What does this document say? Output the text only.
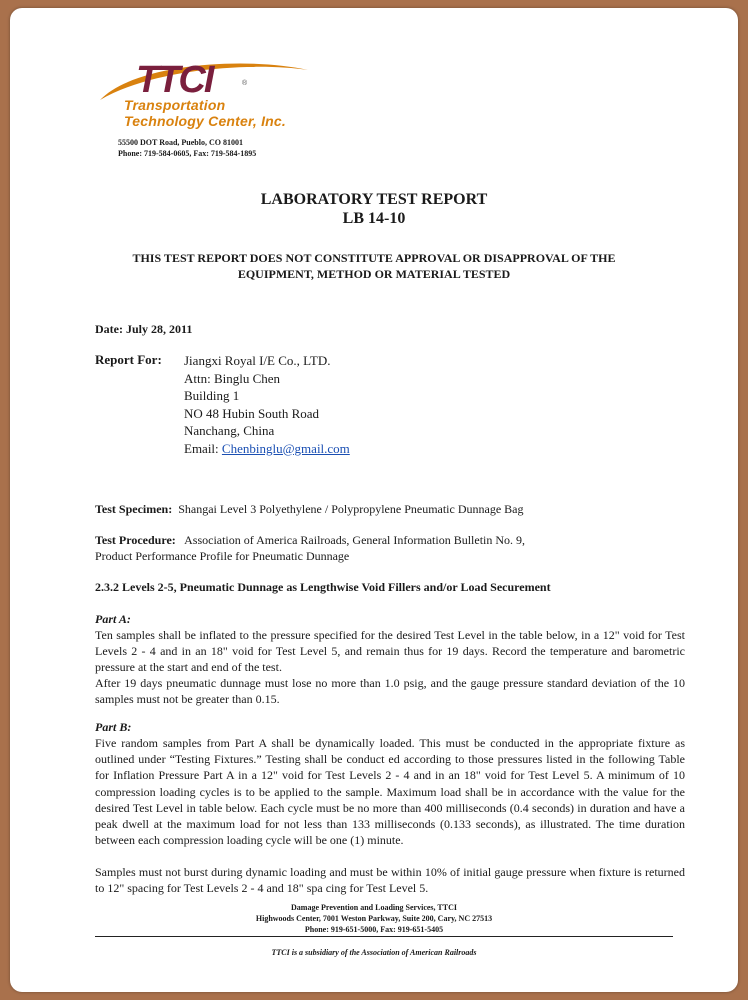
TTCI	®
Transportation
Technology Center, Inc.
55500 DOT Road, Pueblo, CO 81001
Phone: 719-584-0605, Fax: 719-584-1895
LABORATORY TEST REPORT
LB 14-10
THIS TEST REPORT DOES NOT CONSTITUTE APPROVAL OR DISAPPROVAL OF THE
EQUIPMENT, METHOD OR MATERIAL TESTED
Date: July 28, 2011
Report For:	Jiangxi Royal I/E Co., LTD.
Attn: Binglu Chen
Building 1
NO 48 Hubin South Road
Nanchang, China
Email: Chenbinglu@gmail.com
Test Specimen: Shangai Level 3 Polyethylene / Polypropylene Pneumatic Dunnage Bag
Test Procedure: Association of America Railroads, General Information Bulletin No. 9,
Product Performance Profile for Pneumatic Dunnage
2.3.2 Levels 2-5, Pneumatic Dunnage as Lengthwise Void Fillers and/or Load Securement
Part A:
Ten samples shall be inflated to the pressure specified for the desired Test Level in the table below, in a 12" void for Test Levels 2 - 4 and in an 18" void for Test Level 5, and remain thus for 19 days. Record the temperature and barometric pressure at the start and end of the test.
After 19 days pneumatic dunnage must lose no more than 1.0 psig, and the gauge pressure standard deviation of the 10 samples must not be greater than 0.15.
Part B:
Five random samples from Part A shall be dynamically loaded. This must be conducted in the appropriate fixture as outlined under “Testing Fixtures.” Testing shall be conduct ed according to those pressures listed in the following Table for Inflation Pressure Part A in a 12" void for Test Levels 2 - 4 and in an 18" void for Test Level 5. A minimum of 10 compression loading cycles is to be applied to the sample. Maximum load shall be in accordance with the value for the desired Test Level in table below. Each cycle must be no more than 400 milliseconds (0.4 seconds) in duration and have a peak dwell at the maximum load for not less than 133 milliseconds (0.133 seconds), as illustrated. The time duration between each compression loading cycle will be one (1) minute.
Samples must not burst during dynamic loading and must be within 10% of initial gauge pressure when fixture is returned to 12" spacing for Test Levels 2 - 4 and 18" spa cing for Test Level 5.
Damage Prevention and Loading Services, TTCI
Highwoods Center, 7001 Weston Parkway, Suite 200, Cary, NC 27513
Phone: 919-651-5000, Fax: 919-651-5405
TTCI is a subsidiary of the Association of American Railroads
